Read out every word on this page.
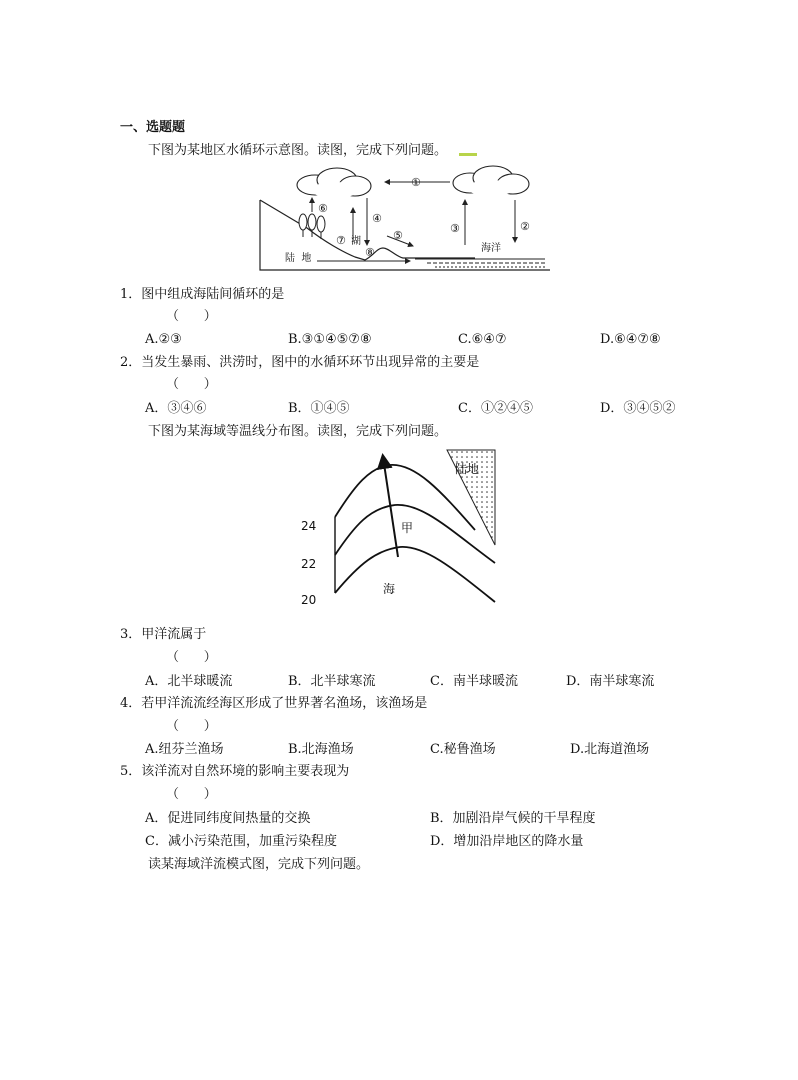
一、选题题
下图为某地区水循环示意图。读图，完成下列问题。
①
②
③
④
⑤
⑥
⑦
⑧
湖
海洋
陆  地
1．图中组成海陆间循环的是
（      ）
A.②③	B.③①④⑤⑦⑧	C.⑥④⑦	D.⑥④⑦⑧
2．当发生暴雨、洪涝时，图中的水循环环节出现异常的主要是
（      ）
A．③④⑥	B．①④⑤	C．①②④⑤	D．③④⑤②
下图为某海域等温线分布图。读图，完成下列问题。
陆地
甲
海
24
22
20
3．甲洋流属于
（      ）
A．北半球暖流	B．北半球寒流	C．南半球暖流	D．南半球寒流
4．若甲洋流流经海区形成了世界著名渔场，该渔场是
（      ）
A.纽芬兰渔场	B.北海渔场	C.秘鲁渔场	D.北海道渔场
5．该洋流对自然环境的影响主要表现为
（      ）
A．促进同纬度间热量的交换	B．加剧沿岸气候的干旱程度
C．减小污染范围，加重污染程度	D．增加沿岸地区的降水量
读某海域洋流模式图，完成下列问题。
